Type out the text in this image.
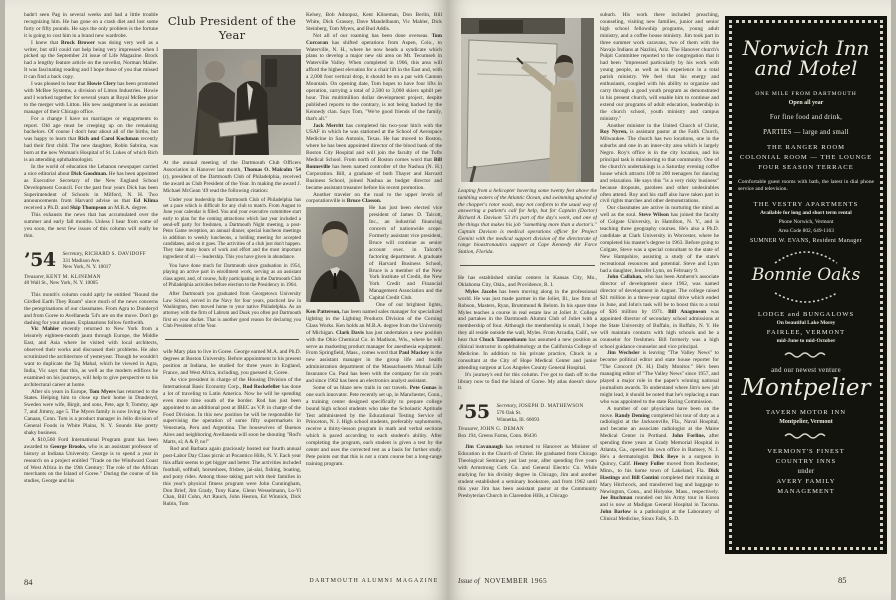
hadn't seen Pag in several weeks and had a little trouble recognizing him. He has gone on a crash diet and lost some forty or fifty pounds. He says the only problem is the fortune it is going to cost him in a brand new wardrobe.

I knew that Brock Brower was doing very well as a writer, but still could not help being very impressed when I picked up the September 24 issue of Life Magazine. Brock had a lengthy feature article on the novelist, Norman Mailer. It was fascinating reading and I hope those of you that missed it can find a back copy.

I was pleased to hear that Howie Clery has been promoted with McBee Systems, a division of Litton Industries. Howie and I worked together for several years at Royal McBee prior to the merger with Litton. His new assignment is as assistant manager of their Chicago office.

For a change I have no marriages or engagements to report. Old age must be creeping up on the remaining bachelors. Of course I don't hear about all of the births, but was happy to learn that Rich and Carol Kochman recently had their first child. The new daughter, Robin Sabrina, was born at the new Woman's Hospital of St. Lukes of which Rich is an attending ophthalmologist.

In the world of education the Lebanon newspaper carried a nice editorial about Dick Goodman. He has been appointed as Executive Secretary of the New England School Development Council. For the past four years Dick has been Superintendent of Schools in Milford, N. H. Two announcements from Harvard advise us that Ed Klima received a Ph.D. and Skip Thompson an M.B.A. degree.

This exhausts the news that has accumulated over the summer and early fall months. Unless I hear from some of you soon, the next few issues of this column will really be thin.

’54 Secretary, RICHARD S. DAVIDOFF
331 Madison Ave.
New York, N. Y. 10017
Treasurer, KENT M. KLINEMAN
40 Wall St., New York, N. Y. 10005

This month's column could aptly be entitled "Round the Girdled Earth They Roam" since much of the news concerns the peregrinations of our classmates. From Agra to Dunderyd and from Goree to Avellaneda '54's are on the move. Don't go dashing for your atlases. Explanations follow forthwith.

Vic Mahler recently returned to New York from a leisurely eighteen-month jaunt through Europe, the Middle East, and Asia where he visited with local architects, observed their works and discussed their problems. He also scrutinized the architecture of yesteryear. Though he wouldn't want to duplicate the Taj Mahal, which he viewed in Agra, India, Vic says that this, as well as the modern edifices he examined on his journeys, will help to give perspective to his architectural career at home.

After six years in Europe, Tom Myers has returned to the States. Helping him to close up their home in Dunderyd, Sweden were wife, Birgit, and sons, Pete, age 9, Tommy, age 7, and Jimmy, age 5. The Myers family is now living in New Canaan, Conn. Tom is a product manager in Jello division of General Foods in White Plains, N. Y. Sounds like pretty shaky business.

A $10,560 Ford International Program grant has been awarded to George Brooks, who is an assistant professor of history at Indiana University. George is to spend a year in research on a project entitled "Trade on the Windward Coast of West Africa in the 19th Century: The role of the African merchants on the Island of Goree." During the course of his studies, George and his

Club President of the Year

At the annual meeting of the Dartmouth Club Officers Association in Hanover last month, Thomas O. Malcolm '54 (r), president of the Dartmouth Club of Philadelphia, received the award as Club President of the Year. In making the award J. Michael McGean '49 read the following citation:

Under your leadership the Dartmouth Club of Philadelphia has set a pace which is difficult for any club to match. From August to June your calendar is filled. You and your executive committee start early to plan for the coming attractions which last year included a send-off party for freshmen, a Dartmouth Night meeting, a post-Penn Game reception, an annual dinner, special luncheon meetings in addition to weekly luncheons, a holding meeting for accepted candidates, and on it goes. The activities of a club just don't happen. They take many hours of work and effort and the most important ingredient of all — leadership. This you have given in abundance.

You have done much for Dartmouth since graduation in 1954, playing an active part in enrollment work, serving as an assistant class agent, and, of course, fully participating in the Dartmouth Club of Philadelphia activities before election to the Presidency in 1964.

After Dartmouth you graduated from Georgetown University Law School, served in the Navy for four years, practiced law in Washington, then moved home to your native Philadelphia. As an attorney with the firm of Labrum and Doak you often put Dartmouth first on your docket. That is another good reason for declaring you Club President of the Year.

wife Mary plan to live in Goree. George earned M.A. and Ph.D. degrees at Boston University. Before appointment to his present position at Indiana, he studied for three years in England, France, and West Africa, including, you guessed it, Goree.

As vice president in charge of the Housing Division of the International Basic Economy Corp., Rod Rockefeller has done a lot of traveling to Latin America. Now he will be spending even more time south of the border. Rod has just been appointed to an additional post at IBEC as V.P. in charge of the Food Division. In this new position he will be responsible for supervising the operation of some fifty supermarkets in Venezuela, Peru and Argentina. The housewives of Buenos Aires and neighboring Avellaneda will soon be shouting "Rod's Marts, sí; A & P, no!"

Rod and Barbara again graciously hosted our fourth annual post-Labor Day Class picnic at Pocantico Hills, N. Y. Each year this affair seems to get bigger and better. The activities included football, softball, horseshoes, frisbee, jai-alai, fishing, boating, and pony rides. Among those taking part with their families in this year's physical fitness program were John Cunningham, Don Brief, Jim Grady, Tony Kane, Glenn Wesselmann, Lo-Yi Chan, Bill Cohn, Art Rauch, John Heston, Ed Winnick, Dick Rubin, Tom

Kelsey, Bob Adnopoz, Kent Klineman, Don Berlin, Bill White, Dick Grassey, Dave Mandelbaum, Vic Mahler, Dick Steinberg, Tom Myers, and Bud Addis.

Not all of our roaming has been done overseas. Tom Corcoran has shifted operations from Aspen, Colo., to Waterville, N. H., where he now heads a syndicate which plans to develop a major new ski area on Mt. Tecumseh in Waterville Valley. When completed in 1966, this area will afford the highest elevation for a chair lift in the East and, with a 2,000 foot vertical drop, it should be on a par with Cannon Mountain. On opening date, Tom hopes to have four lifts in operation, carrying a total of 2,500 to 3,000 skiers uphill per hour. This multimillion dollar development project, despite published reports to the contrary, is not being backed by the Kennedy clan. Says Tom, "We're good friends of the family, that's all."

Jack Merritt has completed his two-year hitch with the USAF in which he was stationed at the School of Aerospace Medicine in San Antonio, Texas. He has moved to Boston, where he has been appointed director of the blood bank of the Boston City Hospital and will join the faculty of the Tufts Medical School. From north of Boston comes word that Bill Bonneville has been named controller of the Nashua (N. H.) Corporation. Bill, a graduate of both Thayer and Harvard Business School, joined Nashua as budget director and became assistant treasurer before his recent promotion.

Another traveler on the road to the upper levels of corporationville is Bruce Classon.

He has just been elected vice president of James D. Talcott, Inc., an industrial financing concern of nationwide scope. Formerly assistant vice president, Bruce will continue as senior account exec. in Talcott's factoring department. A graduate of Harvard Business School, Bruce is a member of the New York Institute of Credit, the New York Credit and Financial Management Association and the Capital Credit Club.

One of our brightest lights, Ken Patterson, has been named sales manager for specialized lighting in the Lighting Products Division of the Corning Glass Works. Ken holds an M.B.A. degree from the University of Michigan. Clark Davis has just undertaken a new position with the Ohio Chemical Co. in Madison, Wis., where he will serve as marketing product manager for anesthesia equipment. From Springfield, Mass., comes word that Paul Mackey is the new assistant manager in the group life and health administration department of the Massachusetts Mutual Life Insurance Co. Paul has been with the company for six years and since 1962 has been an electronics analyst assistant.

Some of us blaze new trails in our travels. Pete Gunas is one such innovator. Pete recently set up, in Manchester, Conn., a training center designed specifically to prepare college bound high school students who take the Scholastic Aptitude Test administered by the Educational Testing Service of Princeton, N. J. High school students, preferably sophomores, receive a thirty-lesson program in math and verbal sections which is paced according to each student's ability. After completing the program, each student is given a test by the center and uses the corrected test as a basis for further study. Pete points out that this is not a cram course but a long-range training program.

84	DARTMOUTH ALUMNI MAGAZINE

Leaping from a helicopter hovering some twenty feet above the tumbling waters of the Atlantic Ocean, and swimming upwind of the chopper's rotor wash, may not conform to the usual way of answering a patient's call for help, but for Captain (Doctor) Richard A. Davison '53 it's part of the day's work, and one of the things that makes his job "something more than a doctor's." Captain Davison is medical operations officer for Project Gemini with the medical support division of the directorate of range bioastronautics support at Cape Kennedy Air Force Station, Florida.

He has established similar centers in Kansas City, Mo., Oklahoma City, Okla., and Providence, R. I.

Myles Jacobs has been moving along in the professional world. He was just made partner in the Joliet, Ill., law firm of Robson, Masters, Ryan, Brummund & Belom. In his spare time Myles teaches a course in real estate law at Joliet Jr. College and partakes in the Dartmouth Alumni Club of Joliet with a membership of four. Although the membership is small, I hope they all reside outside the wall, Myles. From Arcadia, Calif., we hear that Chuck Tannenbaum has assumed a new position as clinical instructor in ophthalmology at the California College of Medicine. In addition to his private practice, Chuck is a consultant at the City of Hope Medical Center and junior attending surgeon at Los Angeles County General Hospital.

It's journey's end for this column. I've got to dash off to the library now to find the Island of Goree. My atlas doesn't show it.

’55 Secretary, JOSEPH D. MATHEWSON
576 Oak St.
Winnetka, Ill. 60093
Treasurer, JOHN G. DEMAN
Box 194, Greens Farms, Conn. 06436

Jim Cavanaugh has returned to Hanover as Minister of Education in the Church of Christ. He graduated from Chicago Theological Seminary just last year, after spending five years with Armstrong Cork Co. and General Electric Co. While studying for his divinity degree in Chicago, Jim and another student established a seminary bookstore, and from 1962 until this year Jim has been assistant pastor at the Community Presbyterian Church in Clarendon Hills, a Chicago

suburb. His work there included preaching, counseling, visiting new families, junior and senior high school fellowship programs, young adult ministry, and a coffee house ministry. Jim took part in three summer work caravans, two of them with the Navajo Indians at Nazlini, Ariz. The Hanover church's Pulpit Committee reported to the congregation that it had been "impressed particularly by his work with young people, as well as his experience in a total parish ministry. We feel that his energy and enthusiasm, coupled with his ability to organize and carry through a good youth program as demonstrated in his present church, will enable him to continue and extend our programs of adult education, leadership in the church school, youth ministry and campus ministry."

Another minister in the United Church of Christ, Roy Nyren, is assistant pastor at the Faith Church, Milwaukee. The church has two locations, one in the suburbs and one in an inner-city area which is largely Negro. Roy's office is in the city location, and his principal task is ministering to that community. One of the church's undertakings is a Saturday evening coffee house which attracts 100 to 200 teenagers for dancing and relaxation. He says this "is a very risky business" because dropouts, parolees and other undesirables often attend. Roy and his staff also have taken part in civil rights marches and other demonstrations.

Our classmates are active in nurturing the mind as well as the soul. Steve Wilson has joined the faculty of Colgate University, in Hamilton, N. Y., and is teaching three geography courses. He's also a Ph.D. candidate at Clark University in Worcester, where he completed his master's degree in 1963. Before going to Colgate, Steve was a special consultant to the state of New Hampshire, assisting a study of the state's recreational resources and potential. Steve and Lynn had a daughter, Jennifer Lynn, on February 9.

John Callahan, who has been Amherst's associate director of development since 1962, was named director of development in August. The college raised $21 million in a three-year capital drive which ended in June, and John's task will be to boost this to a total of $36 million by 1971. Bill Anagnoson was appointed director of secondary school admissions at the State University of Buffalo, in Buffalo, N. Y. He will maintain contacts with high schools and be a counselor for freshmen. Bill formerly was a high school guidance counselor and vice principal.

Jim Wechsler is leaving "The Valley News" to become political editor and state house reporter for "The Concord (N. H.) Daily Monitor." He's been managing editor of "The Valley News" since 1957, and played a major role in the paper's winning national journalism awards. To understand where Jim's new job might lead, it should be noted that he's replacing a man who was appointed to the state Racing Commission.

A number of our physicians have been on the move. Randy Deming completed his tour of duty as a radiologist at the Jacksonville, Fla., Naval Hospital, and became an associate radiologist at the Maine Medical Center in Portland. John Forline, after spending three years at Grady Memorial Hospital in Atlanta, Ga., opened his own office in Ramsey, N. J. He's a dermatologist. Dick Beye is a surgeon in Quincy, Calif. Henry Fuller moved from Rochester, Minn., to his home town of Lakeland, Fla. Dick Hastings and Bill Contini completed their training at Mary Hitchcock, and transferred bag and baggage to Newington, Conn., and Holyoke, Mass., respectively. Joe Buchman rounded out his Army tour in Korea and is now at Madigan General Hospital in Tacoma. John Barlow is a pathologist at the Laboratory of Clinical Medicine, Sioux Falls, S. D.

Norwich Inn
and Motel
ONE MILE FROM DARTMOUTH
Open all year
For fine food and drink,
PARTIES — large and small
THE RANGER ROOM
COLONIAL ROOM — THE LOUNGE
FOUR SEASON TERRACE
Comfortable guest rooms with bath, the latest in dial phone service and television.
THE VESTRY APARTMENTS
Available for long and short term rental
Phone Norwich, Vermont
Area Code 802, 649-1163
SUMNER W. EVANS, Resident Manager
Bonnie Oaks
LODGE and BUNGALOWS
On beautiful Lake Morey
FAIRLEE, VERMONT
mid-June to mid-October
and our newest venture
Montpelier
TAVERN MOTOR INN
Montpelier, Vermont
VERMONT'S FINEST
COUNTRY INNS
under
AVERY FAMILY
MANAGEMENT
Issue of NOVEMBER 1965	85
